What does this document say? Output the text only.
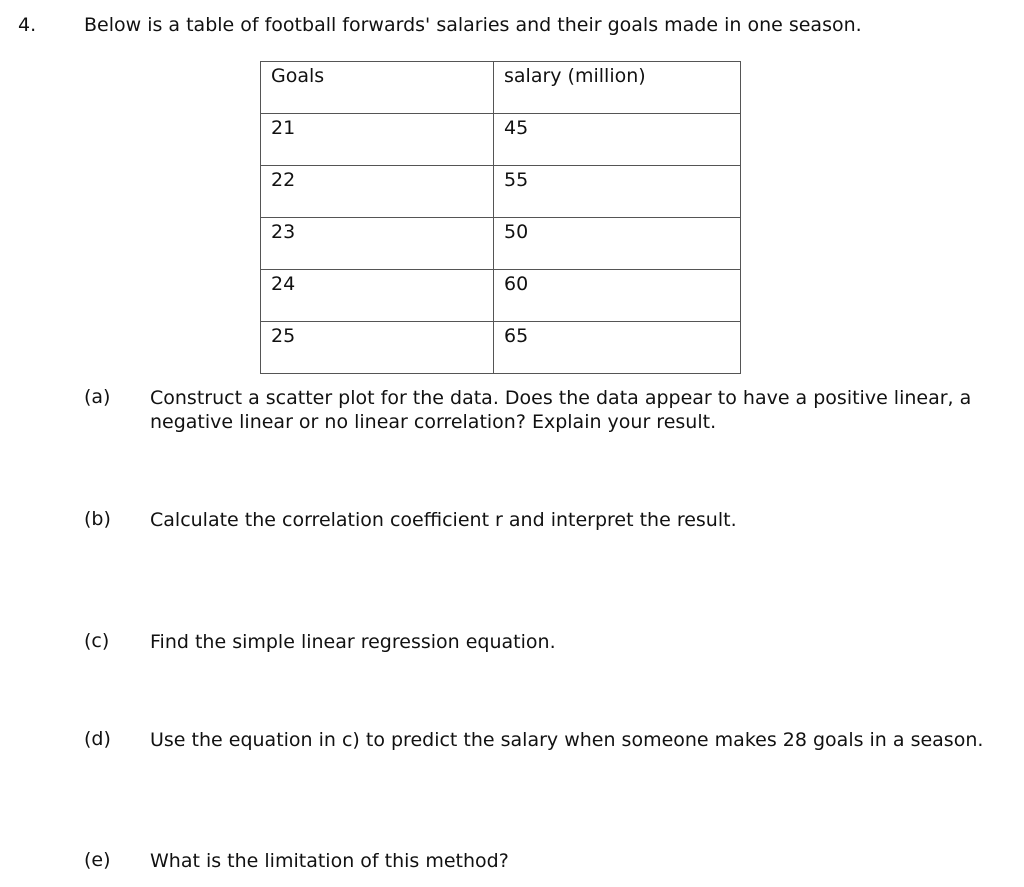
4.	Below is a table of football forwards' salaries and their goals made in one season.
Goals	salary (million)
21	45
22	55
23	50
24	60
25	65
(a) Construct a scatter plot for the data. Does the data appear to have a positive linear, a negative linear or no linear correlation? Explain your result.
(b) Calculate the correlation coefficient r and interpret the result.
(c) Find the simple linear regression equation.
(d) Use the equation in c) to predict the salary when someone makes 28 goals in a season.
(e) What is the limitation of this method?
